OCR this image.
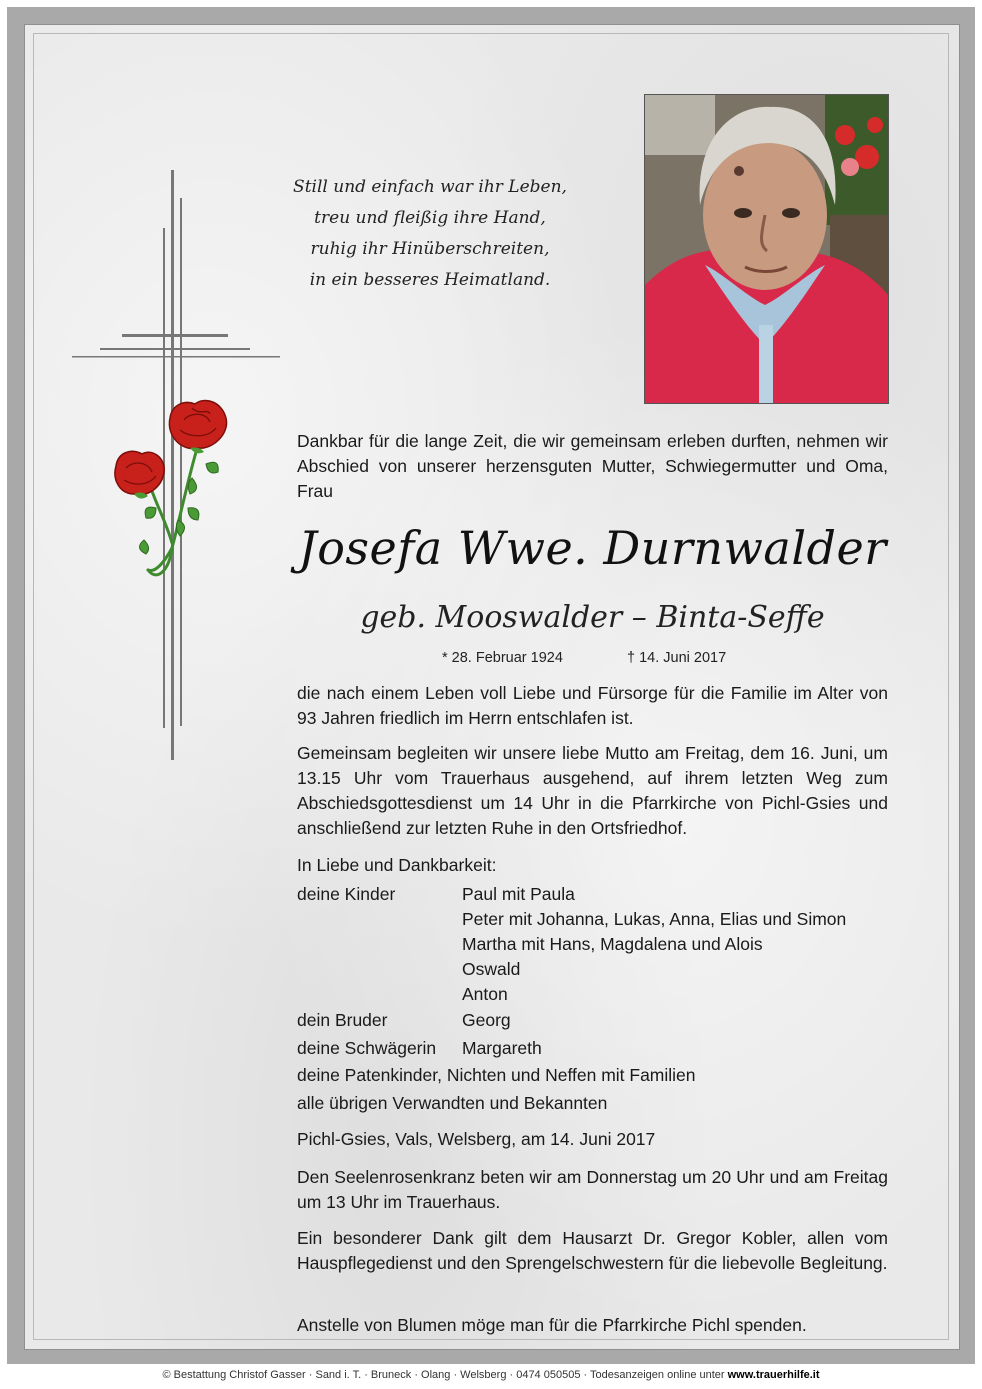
Still und einfach war ihr Leben,
treu und fleißig ihre Hand,
ruhig ihr Hinüberschreiten,
in ein besseres Heimatland.
Dankbar für die lange Zeit, die wir gemeinsam erleben durften, nehmen wir Abschied von unserer herzensguten Mutter, Schwiegermutter und Oma, Frau
Josefa Wwe. Durnwalder
geb. Mooswalder – Binta-Seffe
* 28. Februar 1924	† 14. Juni 2017
die nach einem Leben voll Liebe und Fürsorge für die Familie im Alter von 93 Jahren friedlich im Herrn entschlafen ist.
Gemeinsam begleiten wir unsere liebe Mutto am Freitag, dem 16. Juni, um 13.15 Uhr vom Trauerhaus ausgehend, auf ihrem letzten Weg zum Abschiedsgottesdienst um 14 Uhr in die Pfarrkirche von Pichl-Gsies und anschließend zur letzten Ruhe in den Ortsfriedhof.
In Liebe und Dankbarkeit:
deine Kinder	Paul mit Paula
Peter mit Johanna, Lukas, Anna, Elias und Simon
Martha mit Hans, Magdalena und Alois
Oswald
Anton
dein Bruder	Georg
deine Schwägerin Margareth
deine Patenkinder, Nichten und Neffen mit Familien
alle übrigen Verwandten und Bekannten
Pichl-Gsies, Vals, Welsberg, am 14. Juni 2017
Den Seelenrosenkranz beten wir am Donnerstag um 20 Uhr und am Freitag um 13 Uhr im Trauerhaus.
Ein besonderer Dank gilt dem Hausarzt Dr. Gregor Kobler, allen vom Hauspflegedienst und den Sprengelschwestern für die liebevolle Begleitung.
Anstelle von Blumen möge man für die Pfarrkirche Pichl spenden.
© Bestattung Christof Gasser · Sand i. T. · Bruneck · Olang · Welsberg · 0474 050505 · Todesanzeigen online unter www.trauerhilfe.it
